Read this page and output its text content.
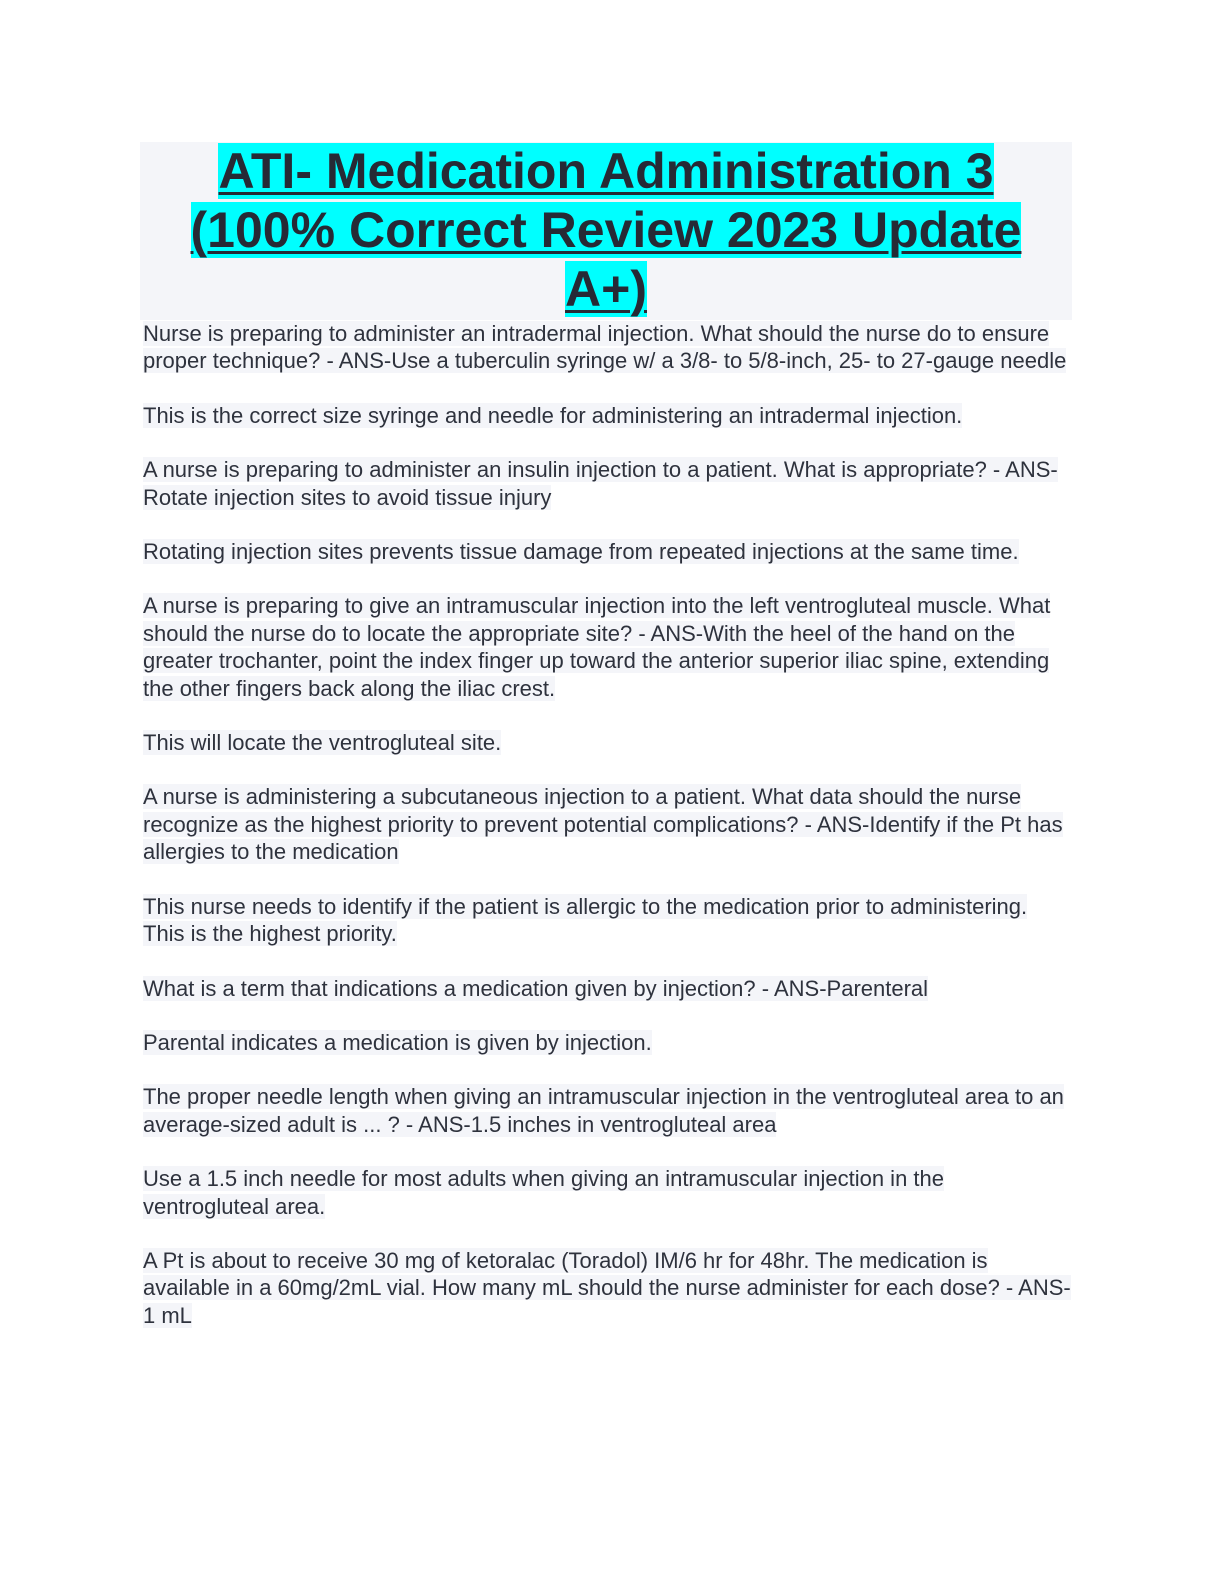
ATI- Medication Administration 3
(100% Correct Review 2023 Update
A+)

Nurse is preparing to administer an intradermal injection. What should the nurse do to ensure proper technique? - ANS-Use a tuberculin syringe w/ a 3/8- to 5/8-inch, 25- to 27-gauge needle

This is the correct size syringe and needle for administering an intradermal injection.

A nurse is preparing to administer an insulin injection to a patient. What is appropriate? - ANS-Rotate injection sites to avoid tissue injury

Rotating injection sites prevents tissue damage from repeated injections at the same time.

A nurse is preparing to give an intramuscular injection into the left ventrogluteal muscle. What should the nurse do to locate the appropriate site? - ANS-With the heel of the hand on the greater trochanter, point the index finger up toward the anterior superior iliac spine, extending the other fingers back along the iliac crest.

This will locate the ventrogluteal site.

A nurse is administering a subcutaneous injection to a patient. What data should the nurse recognize as the highest priority to prevent potential complications? - ANS-Identify if the Pt has allergies to the medication

This nurse needs to identify if the patient is allergic to the medication prior to administering. This is the highest priority.

What is a term that indications a medication given by injection? - ANS-Parenteral

Parental indicates a medication is given by injection.

The proper needle length when giving an intramuscular injection in the ventrogluteal area to an average-sized adult is ... ? - ANS-1.5 inches in ventrogluteal area

Use a 1.5 inch needle for most adults when giving an intramuscular injection in the ventrogluteal area.

A Pt is about to receive 30 mg of ketoralac (Toradol) IM/6 hr for 48hr. The medication is available in a 60mg/2mL vial. How many mL should the nurse administer for each dose? - ANS-1 mL
